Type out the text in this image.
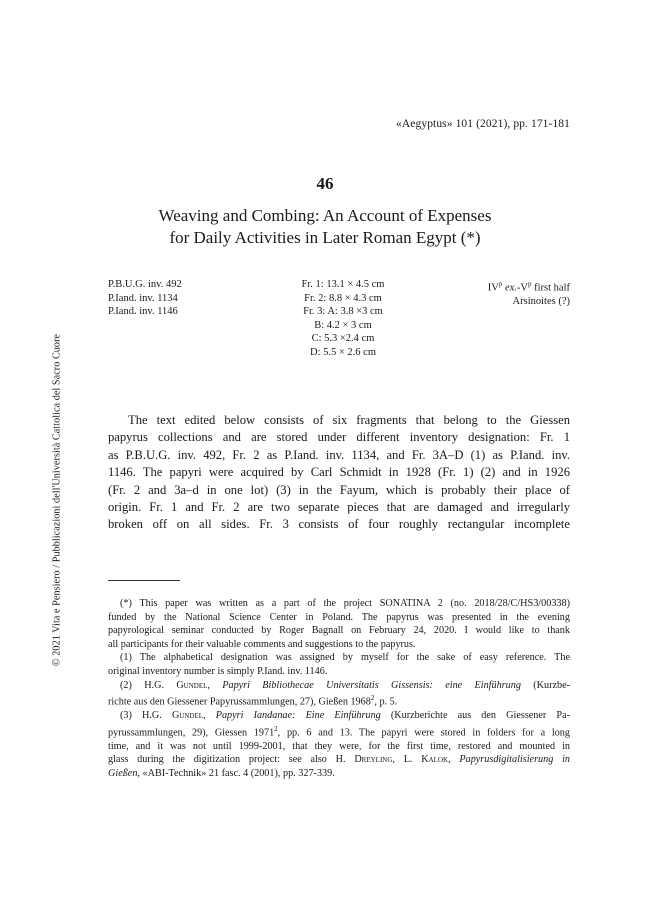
«Aegyptus» 101 (2021), pp. 171-181
46
Weaving and Combing: An Account of Expenses
for Daily Activities in Later Roman Egypt (*)
P.B.U.G. inv. 492
P.Iand. inv. 1134
P.Iand. inv. 1146
Fr. 1: 13.1 × 4.5 cm
Fr. 2: 8.8 × 4.3 cm
Fr. 3: A: 3.8 ×3 cm
B: 4.2 × 3 cm
C: 5.3 ×2.4 cm
D: 5.5 × 2.6 cm
$IV^p$ $ex.-V^p$ first half
Arsinoites (?)
The text edited below consists of six fragments that belong to the Giessen
papyrus collections and are stored under different inventory designation: Fr. 1
as P.B.U.G. inv. 492, Fr. 2 as P.Iand. inv. 1134, and Fr. 3A–D (1) as P.Iand. inv.
1146. The papyri were acquired by Carl Schmidt in 1928 (Fr. 1) (2) and in 1926
(Fr. 2 and 3a–d in one lot) (3) in the Fayum, which is probably their place of
origin. Fr. 1 and Fr. 2 are two separate pieces that are damaged and irregularly
broken off on all sides. Fr. 3 consists of four roughly rectangular incomplete
(*) This paper was written as a part of the project SONATINA 2 (no. 2018/28/C/HS3/00338)
funded by the National Science Center in Poland. The papyrus was presented in the evening
papyrological seminar conducted by Roger Bagnall on February 24, 2020. I would like to thank
all participants for their valuable comments and suggestions to the papyrus.
(1) The alphabetical designation was assigned by myself for the sake of easy reference. The
original inventory number is simply P.Iand. inv. 1146.
(2) H.G. Gundel, Papyri Bibliothecae Universitatis Gissensis: eine Einführung (Kurzbe-
richte aus den Giessener Papyrussammlungen, 27), Gießen 1968$^2$, p. 5.
(3) H.G. Gundel, Papyri Iandanae: Eine Einführung (Kurzberichte aus den Giessener Pa-
pyrussammlungen, 29), Giessen 1971$^2$, pp. 6 and 13. The papyri were stored in folders for a long
time, and it was not until 1999-2001, that they were, for the first time, restored and mounted in
glass during the digitization project: see also H. Dreyling, L. Kalok, Papyrusdigitalisierung in
Gießen, «ABI-Technik» 21 fasc. 4 (2001), pp. 327-339.
© 2021 Vita e Pensiero / Pubblicazioni dell'Università Cattolica del Sacro Cuore
